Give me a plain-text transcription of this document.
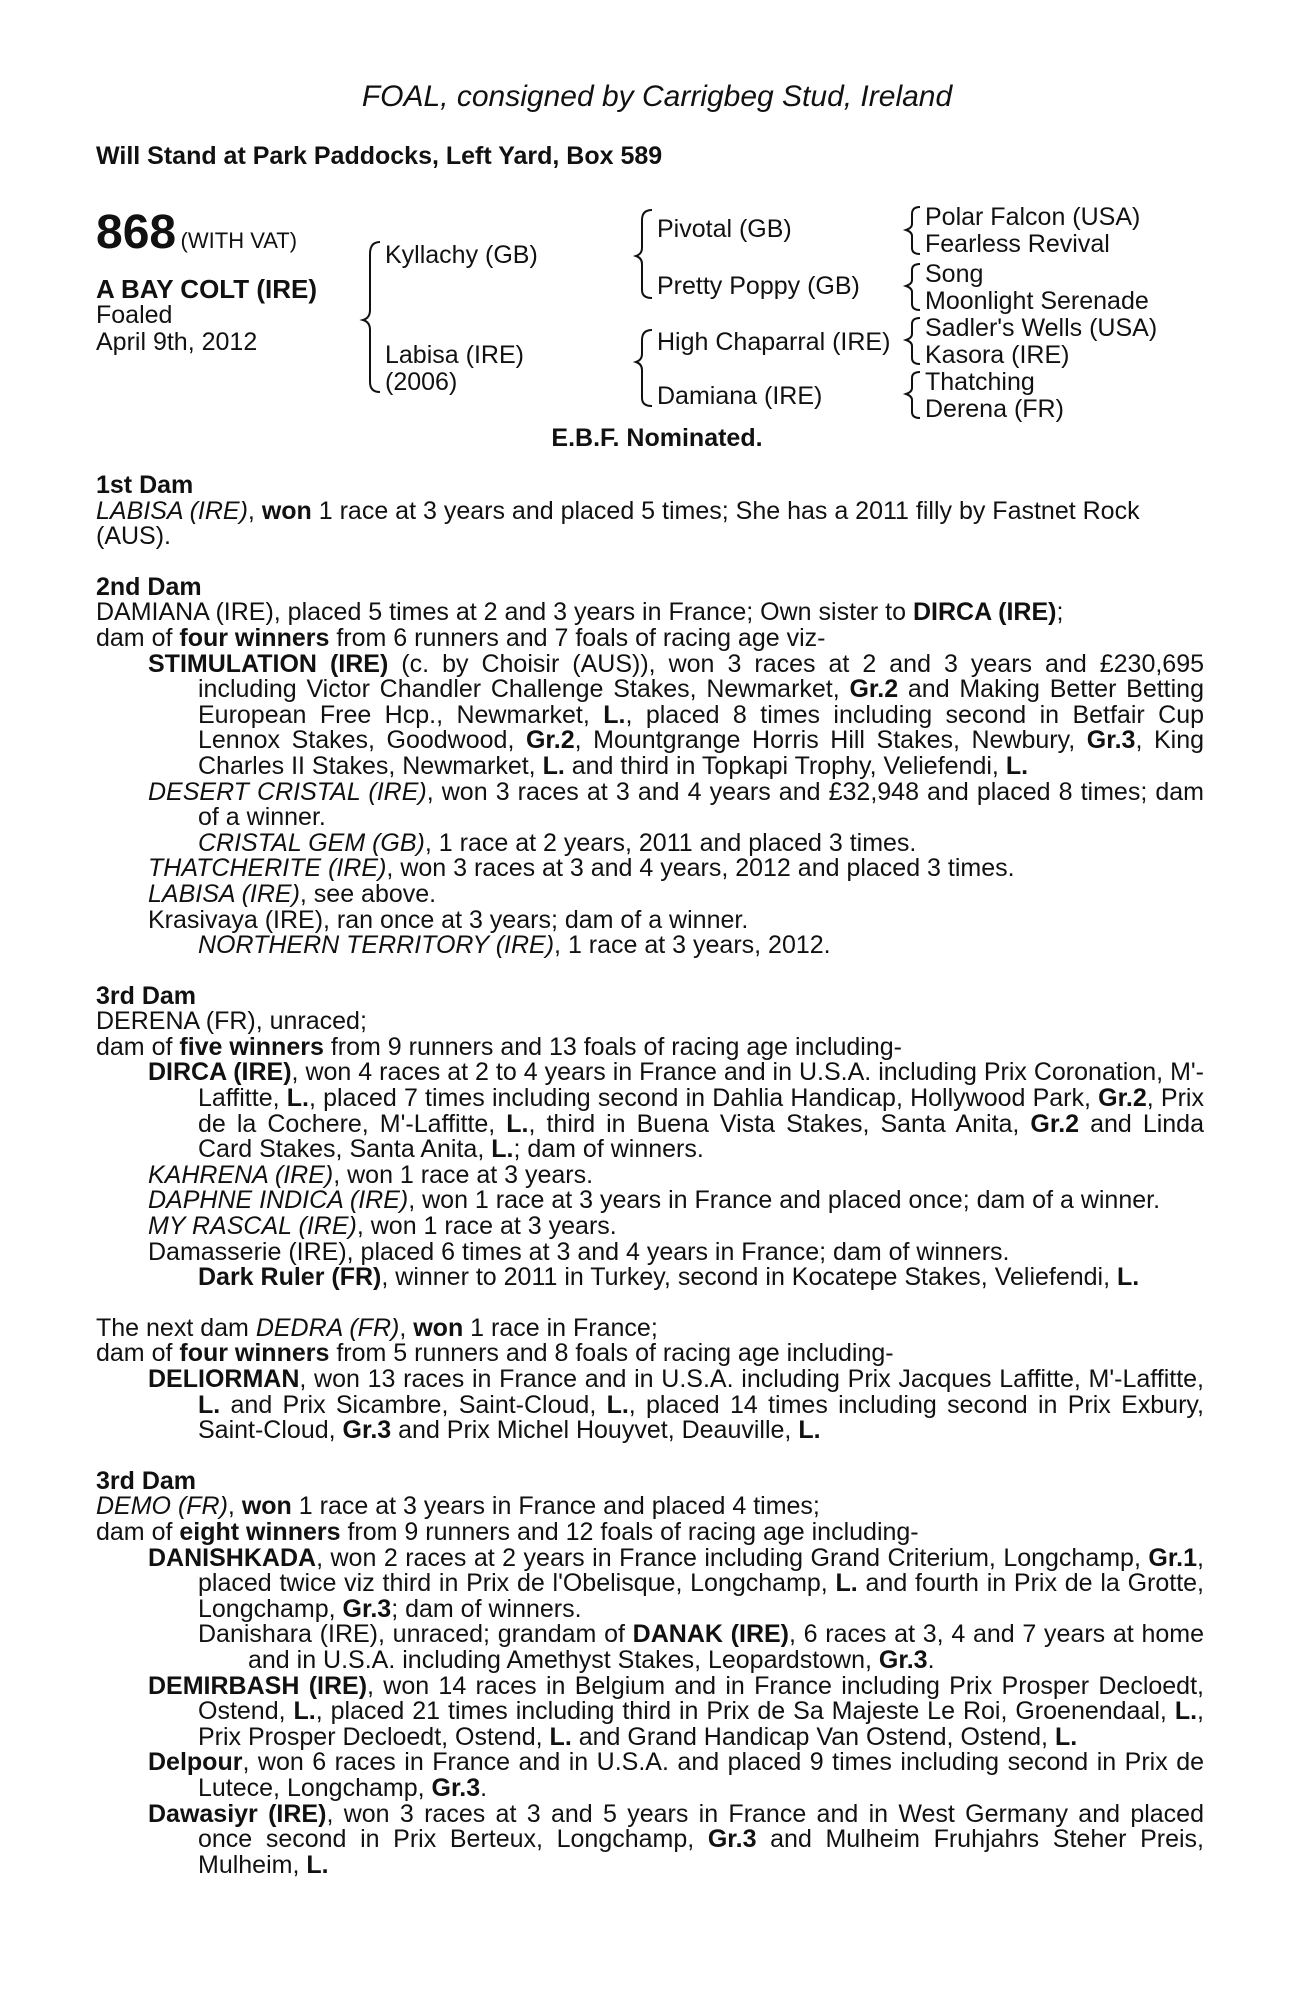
FOAL, consigned by Carrigbeg Stud, Ireland
Will Stand at Park Paddocks, Left Yard, Box 589
868 (WITH VAT)
A BAY COLT (IRE)
Foaled
April 9th, 2012
Kyllachy (GB)
Labisa (IRE)
(2006)
Pivotal (GB)
Pretty Poppy (GB)
High Chaparral (IRE)
Damiana (IRE)
Polar Falcon (USA)
Fearless Revival
Song
Moonlight Serenade
Sadler's Wells (USA)
Kasora (IRE)
Thatching
Derena (FR)
E.B.F. Nominated.
1st Dam
LABISA (IRE), won 1 race at 3 years and placed 5 times; She has a 2011 filly by Fastnet Rock (AUS).
2nd Dam
DAMIANA (IRE), placed 5 times at 2 and 3 years in France; Own sister to DIRCA (IRE);
dam of four winners from 6 runners and 7 foals of racing age viz-
STIMULATION (IRE) (c. by Choisir (AUS)), won 3 races at 2 and 3 years and £230,695 including Victor Chandler Challenge Stakes, Newmarket, Gr.2 and Making Better Betting European Free Hcp., Newmarket, L., placed 8 times including second in Betfair Cup Lennox Stakes, Goodwood, Gr.2, Mountgrange Horris Hill Stakes, Newbury, Gr.3, King Charles II Stakes, Newmarket, L. and third in Topkapi Trophy, Veliefendi, L.
DESERT CRISTAL (IRE), won 3 races at 3 and 4 years and £32,948 and placed 8 times; dam of a winner.
CRISTAL GEM (GB), 1 race at 2 years, 2011 and placed 3 times.
THATCHERITE (IRE), won 3 races at 3 and 4 years, 2012 and placed 3 times.
LABISA (IRE), see above.
Krasivaya (IRE), ran once at 3 years; dam of a winner.
NORTHERN TERRITORY (IRE), 1 race at 3 years, 2012.
3rd Dam
DERENA (FR), unraced;
dam of five winners from 9 runners and 13 foals of racing age including-
DIRCA (IRE), won 4 races at 2 to 4 years in France and in U.S.A. including Prix Coronation, M'-Laffitte, L., placed 7 times including second in Dahlia Handicap, Hollywood Park, Gr.2, Prix de la Cochere, M'-Laffitte, L., third in Buena Vista Stakes, Santa Anita, Gr.2 and Linda Card Stakes, Santa Anita, L.; dam of winners.
KAHRENA (IRE), won 1 race at 3 years.
DAPHNE INDICA (IRE), won 1 race at 3 years in France and placed once; dam of a winner.
MY RASCAL (IRE), won 1 race at 3 years.
Damasserie (IRE), placed 6 times at 3 and 4 years in France; dam of winners.
Dark Ruler (FR), winner to 2011 in Turkey, second in Kocatepe Stakes, Veliefendi, L.
The next dam DEDRA (FR), won 1 race in France;
dam of four winners from 5 runners and 8 foals of racing age including-
DELIORMAN, won 13 races in France and in U.S.A. including Prix Jacques Laffitte, M'-Laffitte, L. and Prix Sicambre, Saint-Cloud, L., placed 14 times including second in Prix Exbury, Saint-Cloud, Gr.3 and Prix Michel Houyvet, Deauville, L.
3rd Dam
DEMO (FR), won 1 race at 3 years in France and placed 4 times;
dam of eight winners from 9 runners and 12 foals of racing age including-
DANISHKADA, won 2 races at 2 years in France including Grand Criterium, Longchamp, Gr.1, placed twice viz third in Prix de l'Obelisque, Longchamp, L. and fourth in Prix de la Grotte, Longchamp, Gr.3; dam of winners.
Danishara (IRE), unraced; grandam of DANAK (IRE), 6 races at 3, 4 and 7 years at home and in U.S.A. including Amethyst Stakes, Leopardstown, Gr.3.
DEMIRBASH (IRE), won 14 races in Belgium and in France including Prix Prosper Decloedt, Ostend, L., placed 21 times including third in Prix de Sa Majeste Le Roi, Groenendaal, L., Prix Prosper Decloedt, Ostend, L. and Grand Handicap Van Ostend, Ostend, L.
Delpour, won 6 races in France and in U.S.A. and placed 9 times including second in Prix de Lutece, Longchamp, Gr.3.
Dawasiyr (IRE), won 3 races at 3 and 5 years in France and in West Germany and placed once second in Prix Berteux, Longchamp, Gr.3 and Mulheim Fruhjahrs Steher Preis, Mulheim, L.
